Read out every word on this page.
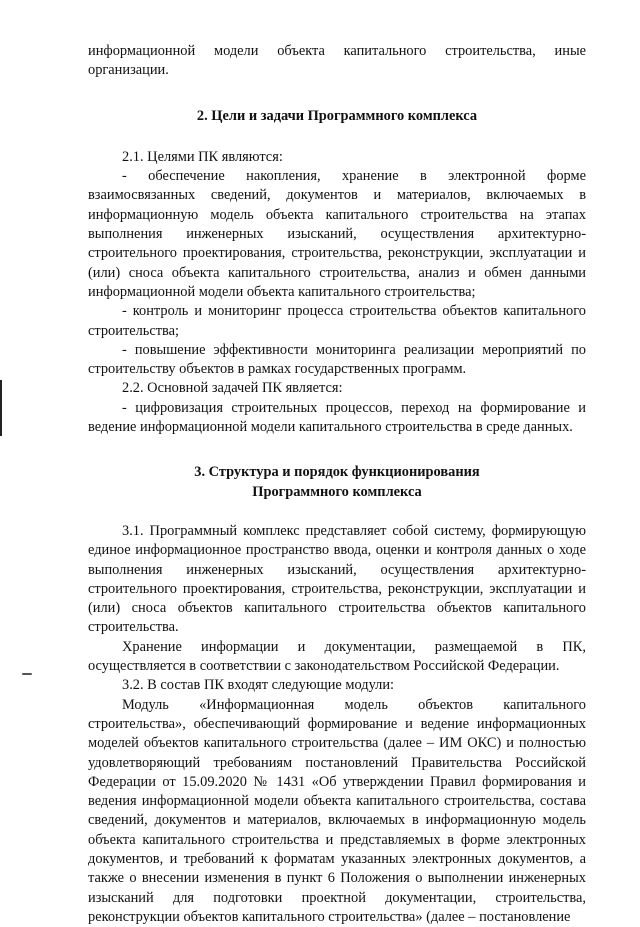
информационной модели объекта капитального строительства, иные организации.

2. Цели и задачи Программного комплекса

2.1. Целями ПК являются:

- обеспечение накопления, хранение в электронной форме взаимосвязанных сведений, документов и материалов, включаемых в информационную модель объекта капитального строительства на этапах выполнения инженерных изысканий, осуществления архитектурно-строительного проектирования, строительства, реконструкции, эксплуатации и (или) сноса объекта капитального строительства, анализ и обмен данными информационной модели объекта капитального строительства;

- контроль и мониторинг процесса строительства объектов капитального строительства;

- повышение эффективности мониторинга реализации мероприятий по строительству объектов в рамках государственных программ.

2.2. Основной задачей ПК является:

- цифровизация строительных процессов, переход на формирование и ведение информационной модели капитального строительства в среде данных.

3. Структура и порядок функционирования
Программного комплекса

3.1. Программный комплекс представляет собой систему, формирующую единое информационное пространство ввода, оценки и контроля данных о ходе выполнения инженерных изысканий, осуществления архитектурно-строительного проектирования, строительства, реконструкции, эксплуатации и (или) сноса объектов капитального строительства объектов капитального строительства.

Хранение информации и документации, размещаемой в ПК, осуществляется в соответствии с законодательством Российской Федерации.

3.2. В состав ПК входят следующие модули:

Модуль «Информационная модель объектов капитального

строительства», обеспечивающий формирование и ведение информационных моделей объектов капитального строительства (далее – ИМ ОКС) и полностью удовлетворяющий требованиям постановлений Правительства Российской Федерации от 15.09.2020 № 1431 «Об утверждении Правил формирования и ведения информационной модели объекта капитального строительства, состава сведений, документов и материалов, включаемых в информационную модель объекта капитального строительства и представляемых в форме электронных документов, и требований к форматам указанных электронных документов, а также о внесении изменения в пункт 6 Положения о выполнении инженерных изысканий для подготовки проектной документации, строительства, реконструкции объектов капитального строительства» (далее – постановление
